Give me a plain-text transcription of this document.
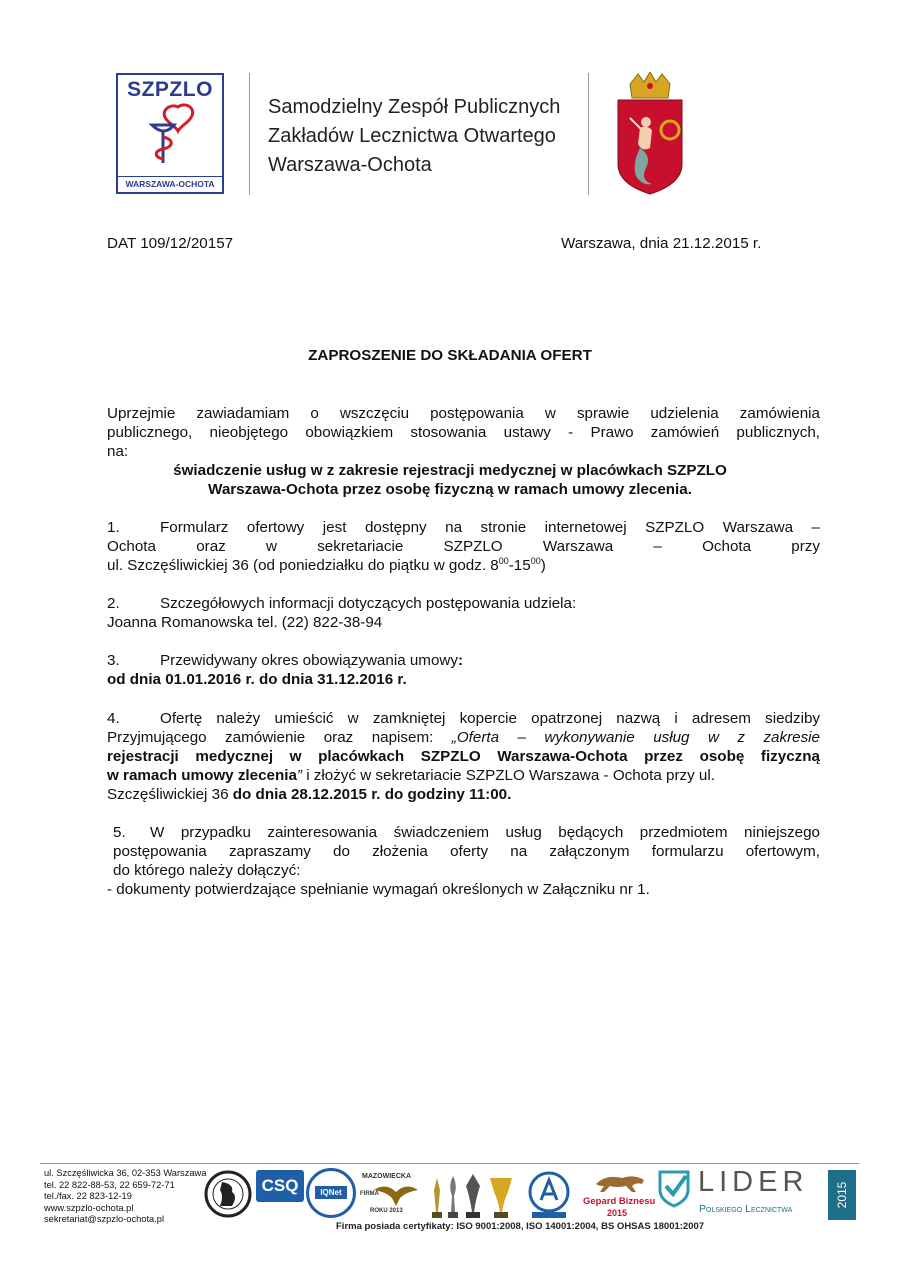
SZPZLO
WARSZAWA-OCHOTA
Samodzielny Zespół Publicznych
Zakładów Lecznictwa Otwartego
Warszawa-Ochota
DAT 109/12/20157	Warszawa, dnia 21.12.2015 r.
ZAPROSZENIE DO SKŁADANIA OFERT
Uprzejmie zawiadamiam o wszczęciu postępowania w sprawie udzielenia zamówienia
publicznego, nieobjętego obowiązkiem stosowania ustawy - Prawo zamówień publicznych,
na:
świadczenie usług w z zakresie rejestracji medycznej w placówkach SZPZLO
Warszawa-Ochota przez osobę fizyczną w ramach umowy zlecenia.
1.	Formularz ofertowy jest dostępny na stronie internetowej SZPZLO Warszawa –
Ochota oraz w sekretariacie SZPZLO Warszawa – Ochota przy
ul. Szczęśliwickiej 36 (od poniedziałku do piątku w godz. $8^{00}-15^{00}$)
2.	Szczegółowych informacji dotyczących postępowania udziela:
Joanna Romanowska tel. (22) 822-38-94
3.	Przewidywany okres obowiązywania umowy:
od dnia 01.01.2016 r. do dnia 31.12.2016 r.
4.	Ofertę należy umieścić w zamkniętej kopercie opatrzonej nazwą i adresem siedziby
Przyjmującego zamówienie oraz napisem: „Oferta – wykonywanie usług w z zakresie
rejestracji medycznej w placówkach SZPZLO Warszawa-Ochota przez osobę fizyczną
w ramach umowy zlecenia” i złożyć w sekretariacie SZPZLO Warszawa - Ochota przy ul.
Szczęśliwickiej 36 do dnia 28.12.2015 r. do godziny 11:00.
5. W przypadku zainteresowania świadczeniem usług będących przedmiotem niniejszego
postępowania zapraszamy do złożenia oferty na załączonym formularzu ofertowym,
do którego należy dołączyć:
- dokumenty potwierdzające spełnianie wymagań określonych w Załączniku nr 1.
ul. Szczęśliwicka 36, 02-353 Warszawa
tel. 22 822-88-53, 22 659-72-71
tel./fax. 22 823-12-19
www.szpzlo-ochota.pl
sekretariat@szpzlo-ochota.pl
CSQ	IQNet
MAZOWIECKA
FIRMA
ROKU 2013
Gepard Biznesu
2015
LIDER
Polskiego Lecznictwa
2015
Firma posiada certyfikaty: ISO 9001:2008, ISO 14001:2004, BS OHSAS 18001:2007
